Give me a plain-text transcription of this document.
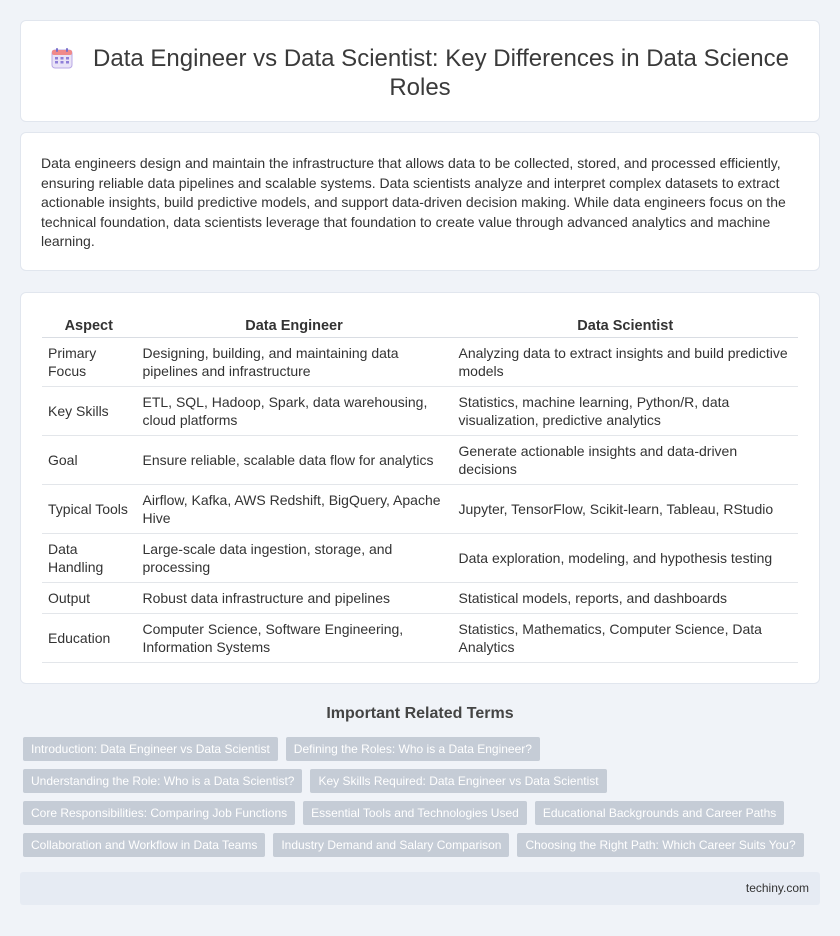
Data Engineer vs Data Scientist: Key Differences in Data Science Roles

Data engineers design and maintain the infrastructure that allows data to be collected, stored, and processed efficiently, ensuring reliable data pipelines and scalable systems. Data scientists analyze and interpret complex datasets to extract actionable insights, build predictive models, and support data-driven decision making. While data engineers focus on the technical foundation, data scientists leverage that foundation to create value through advanced analytics and machine learning.

Aspect	Data Engineer	Data Scientist
Primary Focus	Designing, building, and maintaining data pipelines and infrastructure	Analyzing data to extract insights and build predictive models
Key Skills	ETL, SQL, Hadoop, Spark, data warehousing, cloud platforms	Statistics, machine learning, Python/R, data visualization, predictive analytics
Goal	Ensure reliable, scalable data flow for analytics	Generate actionable insights and data-driven decisions
Typical Tools	Airflow, Kafka, AWS Redshift, BigQuery, Apache Hive	Jupyter, TensorFlow, Scikit-learn, Tableau, RStudio
Data Handling	Large-scale data ingestion, storage, and processing	Data exploration, modeling, and hypothesis testing
Output	Robust data infrastructure and pipelines	Statistical models, reports, and dashboards
Education	Computer Science, Software Engineering, Information Systems	Statistics, Mathematics, Computer Science, Data Analytics
Important Related Terms
Introduction: Data Engineer vs Data Scientist	Defining the Roles: Who is a Data Engineer?
Understanding the Role: Who is a Data Scientist?	Key Skills Required: Data Engineer vs Data Scientist
Core Responsibilities: Comparing Job Functions	Essential Tools and Technologies Used	Educational Backgrounds and Career Paths
Collaboration and Workflow in Data Teams	Industry Demand and Salary Comparison	Choosing the Right Path: Which Career Suits You?
techiny.com
